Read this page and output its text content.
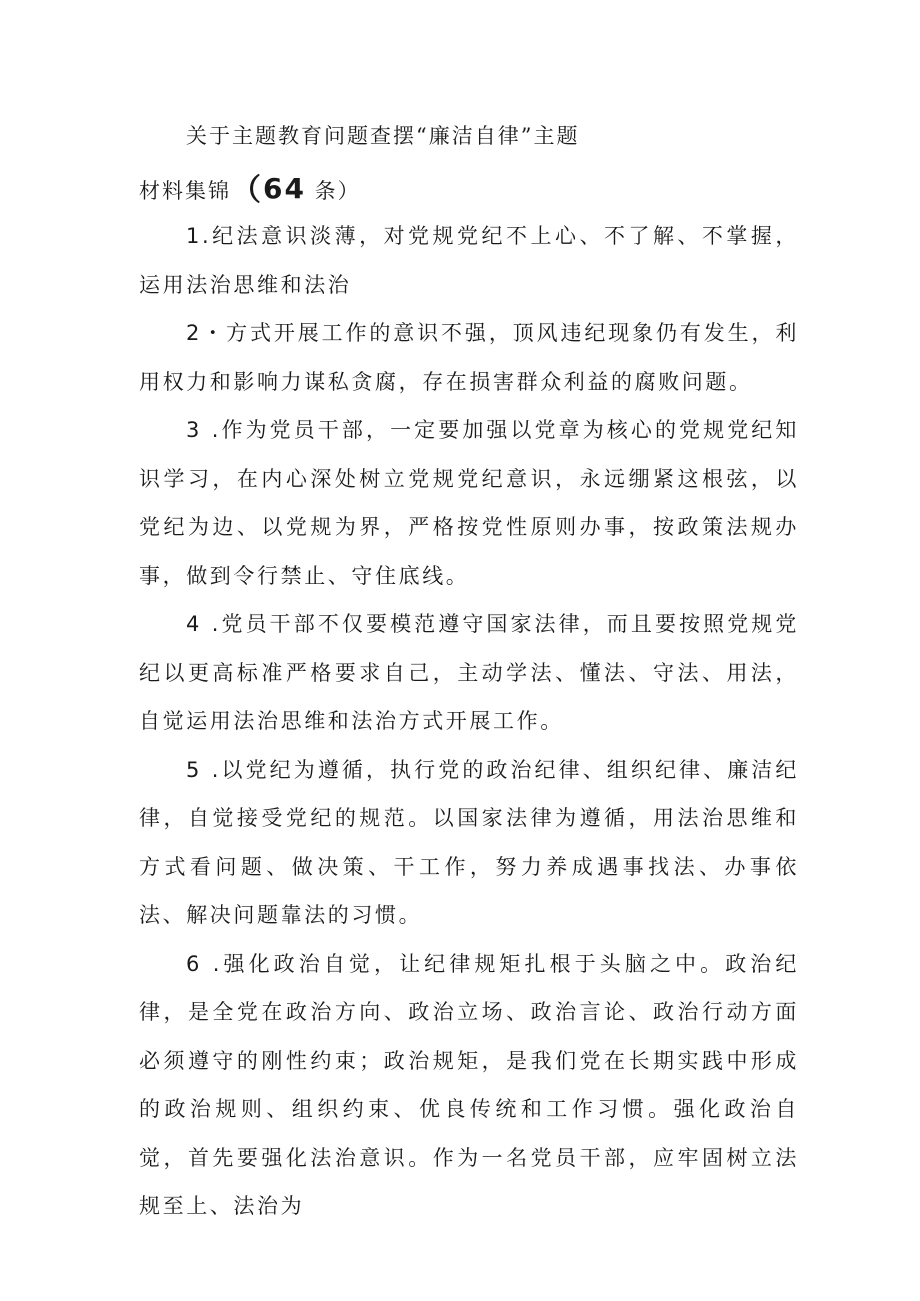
关于主题教育问题查摆“廉洁自律”主题
材料集锦（64 条）

1.纪法意识淡薄，对党规党纪不上心、不了解、不掌握，运用法治思维和法治

2・方式开展工作的意识不强，顶风违纪现象仍有发生，利用权力和影响力谋私贪腐，存在损害群众利益的腐败问题。

3 .作为党员干部，一定要加强以党章为核心的党规党纪知识学习，在内心深处树立党规党纪意识，永远绷紧这根弦，以党纪为边、以党规为界，严格按党性原则办事，按政策法规办事，做到令行禁止、守住底线。

4 .党员干部不仅要模范遵守国家法律，而且要按照党规党纪以更高标准严格要求自己，主动学法、懂法、守法、用法，自觉运用法治思维和法治方式开展工作。

5 .以党纪为遵循，执行党的政治纪律、组织纪律、廉洁纪律，自觉接受党纪的规范。以国家法律为遵循，用法治思维和方式看问题、做决策、干工作，努力养成遇事找法、办事依法、解决问题靠法的习惯。

6 .强化政治自觉，让纪律规矩扎根于头脑之中。政治纪律，是全党在政治方向、政治立场、政治言论、政治行动方面必须遵守的刚性约束；政治规矩，是我们党在长期实践中形成的政治规则、组织约束、优良传统和工作习惯。强化政治自觉，首先要强化法治意识。作为一名党员干部，应牢固树立法规至上、法治为
